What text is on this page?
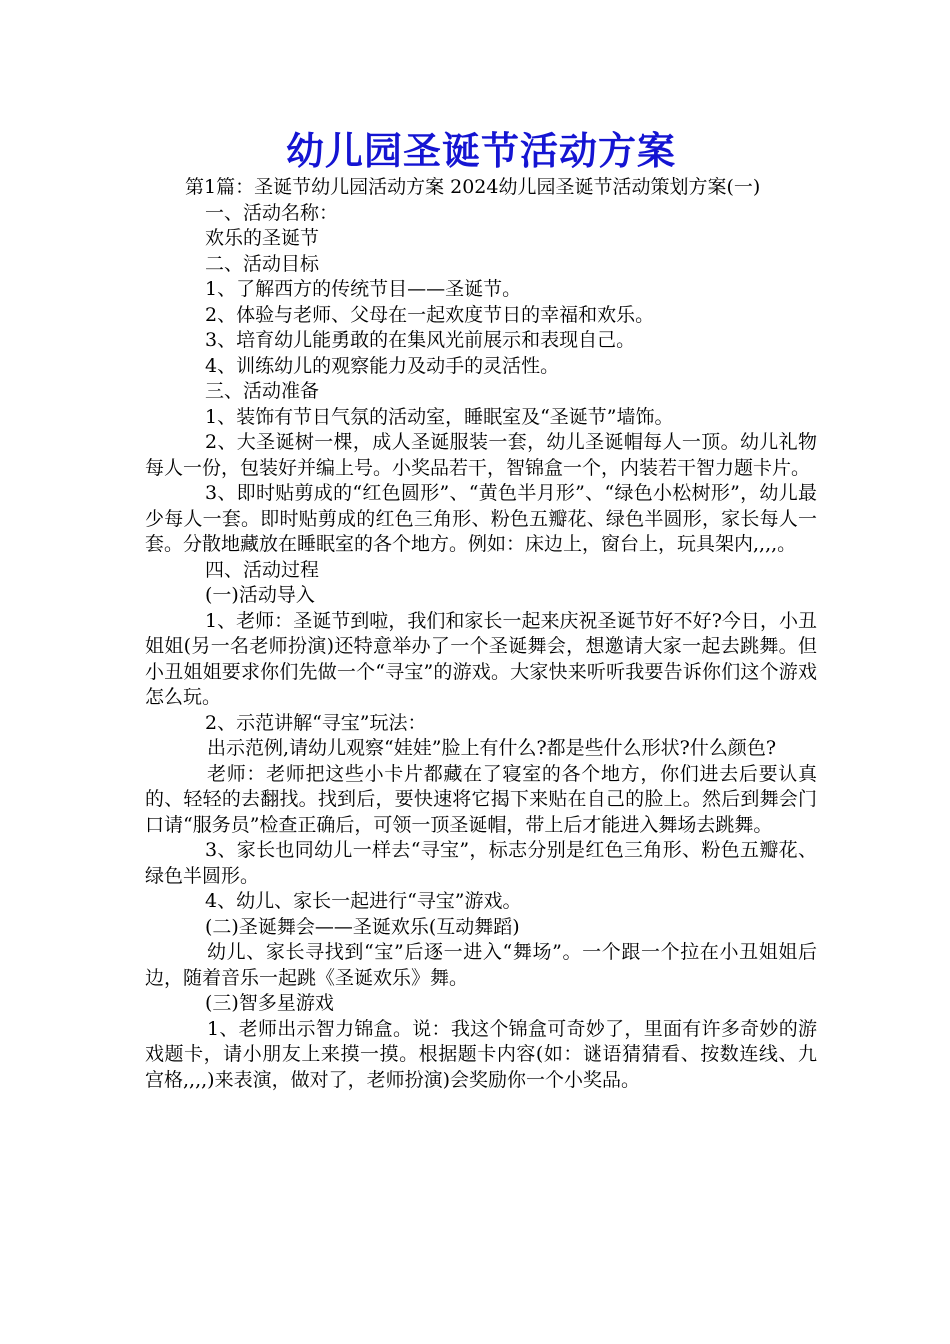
幼儿园圣诞节活动方案

第1篇：圣诞节幼儿园活动方案 2024幼儿园圣诞节活动策划方案(一)

一、活动名称：

欢乐的圣诞节

二、活动目标

1、了解西方的传统节目——圣诞节。

2、体验与老师、父母在一起欢度节日的幸福和欢乐。

3、培育幼儿能勇敢的在集风光前展示和表现自己。

4、训练幼儿的观察能力及动手的灵活性。

三、活动准备

1、装饰有节日气氛的活动室，睡眠室及“圣诞节”墙饰。

2、大圣诞树一棵，成人圣诞服装一套，幼儿圣诞帽每人一顶。幼儿礼物每人一份，包装好并编上号。小奖品若干，智锦盒一个，内装若干智力题卡片。

3、即时贴剪成的“红色圆形”、“黄色半月形”、“绿色小松树形”，幼儿最少每人一套。即时贴剪成的红色三角形、粉色五瓣花、绿色半圆形，家长每人一套。分散地藏放在睡眠室的各个地方。例如：床边上，窗台上，玩具架内,,,,。

四、活动过程

(一)活动导入

1、老师：圣诞节到啦，我们和家长一起来庆祝圣诞节好不好?今日，小丑姐姐(另一名老师扮演)还特意举办了一个圣诞舞会，想邀请大家一起去跳舞。但小丑姐姐要求你们先做一个“寻宝”的游戏。大家快来听听我要告诉你们这个游戏怎么玩。

2、示范讲解“寻宝”玩法：

出示范例,请幼儿观察“娃娃”脸上有什么?都是些什么形状?什么颜色?

老师：老师把这些小卡片都藏在了寝室的各个地方，你们进去后要认真的、轻轻的去翻找。找到后，要快速将它揭下来贴在自己的脸上。然后到舞会门口请“服务员”检查正确后，可领一顶圣诞帽，带上后才能进入舞场去跳舞。

3、家长也同幼儿一样去“寻宝”，标志分别是红色三角形、粉色五瓣花、绿色半圆形。

4、幼儿、家长一起进行“寻宝”游戏。

(二)圣诞舞会——圣诞欢乐(互动舞蹈)

幼儿、家长寻找到“宝”后逐一进入“舞场”。一个跟一个拉在小丑姐姐后边，随着音乐一起跳《圣诞欢乐》舞。

(三)智多星游戏

1、老师出示智力锦盒。说：我这个锦盒可奇妙了，里面有许多奇妙的游戏题卡，请小朋友上来摸一摸。根据题卡内容(如：谜语猜猜看、按数连线、九宫格,,,,)来表演，做对了，老师扮演)会奖励你一个小奖品。
